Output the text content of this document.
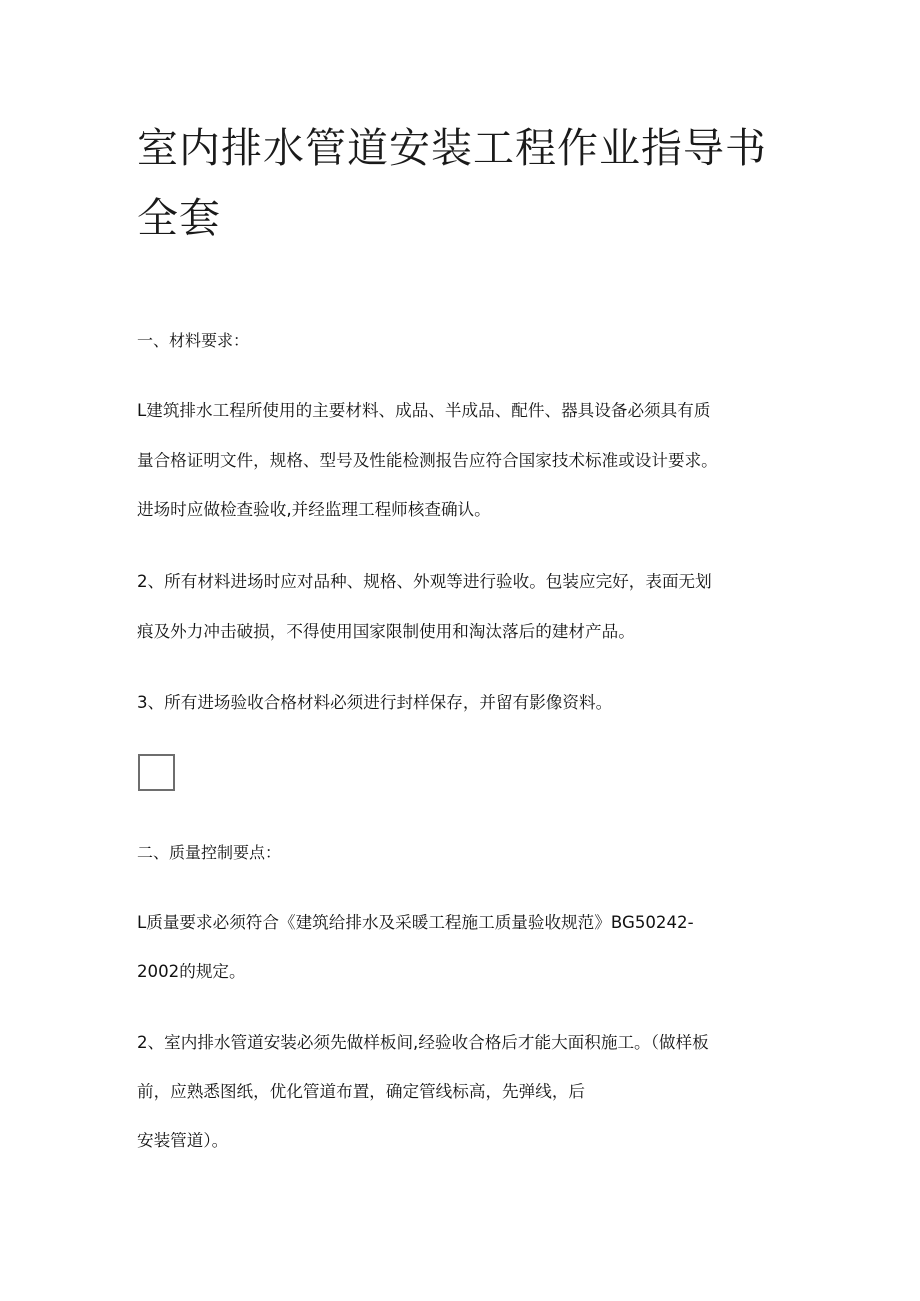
室内排水管道安装工程作业指导书
全套
一、材料要求：
L建筑排水工程所使用的主要材料、成品、半成品、配件、器具设备必须具有质
量合格证明文件，规格、型号及性能检测报告应符合国家技术标准或设计要求。
进场时应做检查验收,并经监理工程师核查确认。
2、所有材料进场时应对品种、规格、外观等进行验收。包装应完好，表面无划
痕及外力冲击破损，不得使用国家限制使用和淘汰落后的建材产品。
3、所有进场验收合格材料必须进行封样保存，并留有影像资料。
二、质量控制要点：
L质量要求必须符合《建筑给排水及采暖工程施工质量验收规范》BG50242-
2002的规定。
2、室内排水管道安装必须先做样板间,经验收合格后才能大面积施工。（做样板
前，应熟悉图纸，优化管道布置，确定管线标高，先弹线，后
安装管道）。
